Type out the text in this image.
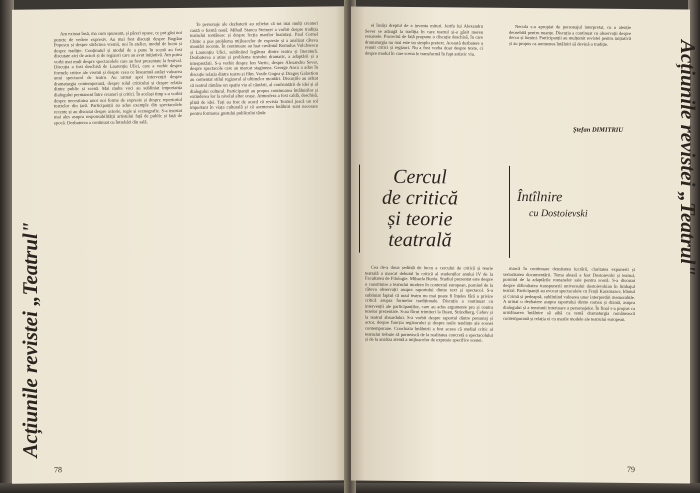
Acțiunile revistei „Teatrul"

Am existat însă, ma cum spuneam, și păreri opuse, ce pot găsi noi puncte de vedere expresiv. Au mai fost discuții despre Bogdan Popescu și despre sărăcirea vremii, noi în atelier, modul de lucru și despre tradiție. Conținutul și modul de a pune în scenă au fost discutate aici de actori și de regizori care au avut inițiativă. Am putea vorbi mai mult despre spectacolele care au fost prezentate la festival. Discuția a fost deschisă de Laurențiu Ulici, care a vorbit despre formele critice ale vremii și despre ceea ce înseamnă astăzi valoarea unui spectacol de teatru. Au urmat apoi intervenții despre dramaturgia contemporană, despre rolul criticului și despre relația dintre public și scenă. Mai multe voci au subliniat importanța dialogului permanent între creatori și critici. În același timp s-a vorbit despre necesitatea unor noi forme de expresie și despre repertoriul teatrelor din țară. Participanții au adus exemple din spectacolele recente și au discutat despre actorie, regie și scenografie. S-a insistat mai ales asupra responsabilității artistului față de public și față de epocă. Dezbaterea a continuat cu întrebări din sală.

Te personaje ale dezbaterii au reliefat că tot mai mulți creatori caută o formă nouă. Mihail Stancu Steinert a vorbit despre tradiția teatrului românesc și despre lecția marilor înaintași. Paul Cornel Chitic a pus problema mijloacelor de expresie și a analizat câteva montări recente. În continuare au luat cuvântul Romulus Vulcănescu și Laurențiu Ulici, subliniind legătura dintre teatru și literatură. Dezbaterea a atins și problema textului dramatic, a adaptării și a interpretării. S-a vorbit despre Ion Vartic, despre Alexandru Sever, despre spectacole care au marcat stagiunea. George Anca a adus în discuție relația dintre teatru și film. Vasile Gogea și Dragoș Galaction au comentat stilul regizoral al ultimelor montări. Discuțiile au arătat că teatrul rămâne un spațiu viu al căutării, al confruntării de idei și al dialogului cultural. Participanții au propus continuarea întâlnirilor și extinderea lor la nivelul altor orașe. Atmosfera a fost caldă, deschisă, plină de idei. Toți au fost de acord că revista Teatrul joacă un rol important în viața culturală și că asemenea întâlniri sunt necesare pentru formarea gustului publicului tânăr.

78

el însăși dreptul de a inventa mituri. Jertfa lui Alexandru Sever se adaugă la tradiția în care teatrul și-a găsit mereu resursele. Proiectul de față propune o discuție deschisă, în care dramaturgia nu mai este un simplu pretext. Această dezbatere a reunit critici și regizori. Nu a fost vorba doar despre texte, ci despre modul în care scena le transformă în fapt artistic viu.

Necula s-a apropiat de personajul interpretat, cu o atenție deosebită pentru nuanțe. Discuția a continuat cu observații despre decor și lumini. Participanții au mulțumit revistei pentru inițiativă și au propus ca asemenea întâlniri să devină o tradiție.

Ștefan DIMITRIU
Cercul
de critică
și teorie
teatrală
Întîlnire
cu Dostoievski

Cea de-a doua ședință de lucru a cercului de critică și teorie teatrală a marcat debutul în critică al studenților anului IV de la Facultatea de Filologie. Mihaela Burda. Studiul prezentat este despre o constituire a teatrului modern în contextul european, pornind de la câteva observații asupra raportului dintre text și spectacol. S-a subliniat faptul că noul teatru nu mai poate fi înțeles fără o privire critică asupra formelor tradiționale. Discuția a continuat cu intervenții ale participanților, care au adus argumente pro și contra tezelor prezentate. S-au făcut trimiteri la Ibsen, Strindberg, Cehov și la teatrul absurdului. S-a vorbit despre raportul dintre personaj și actor, despre funcția regizorului și despre noile tendințe ale scenei contemporane. Concluzia întâlnirii a fost aceea că studiul critic al teatrului trebuie să pornească de la realitatea concretă a spectacolului și de la analiza atentă a mijloacelor de expresie specifice scenei.

marcă în continuare densitatea lucrării, claritatea expunerii și seriozitatea documentării. Tema aleasă a fost Dostoievski și teatrul, pornind de la adaptările romanelor sale pentru scenă. S-a discutat despre dificultatea transpunerii universului dostoievskian în limbajul teatral. Participanții au evocat spectacolele cu Frații Karamazov, Idiotul și Crimă și pedeapsă, subliniind valoarea unor interpretări memorabile. A urmat o dezbatere asupra raportului dintre roman și dramă, asupra dialogului și a tensiunii interioare a personajelor. În final s-a propus ca următoarea întâlnire să aibă ca temă dramaturgia românească contemporană și relația ei cu marile modele ale teatrului european.

79
Acțiunile revistei „Teatrul"
